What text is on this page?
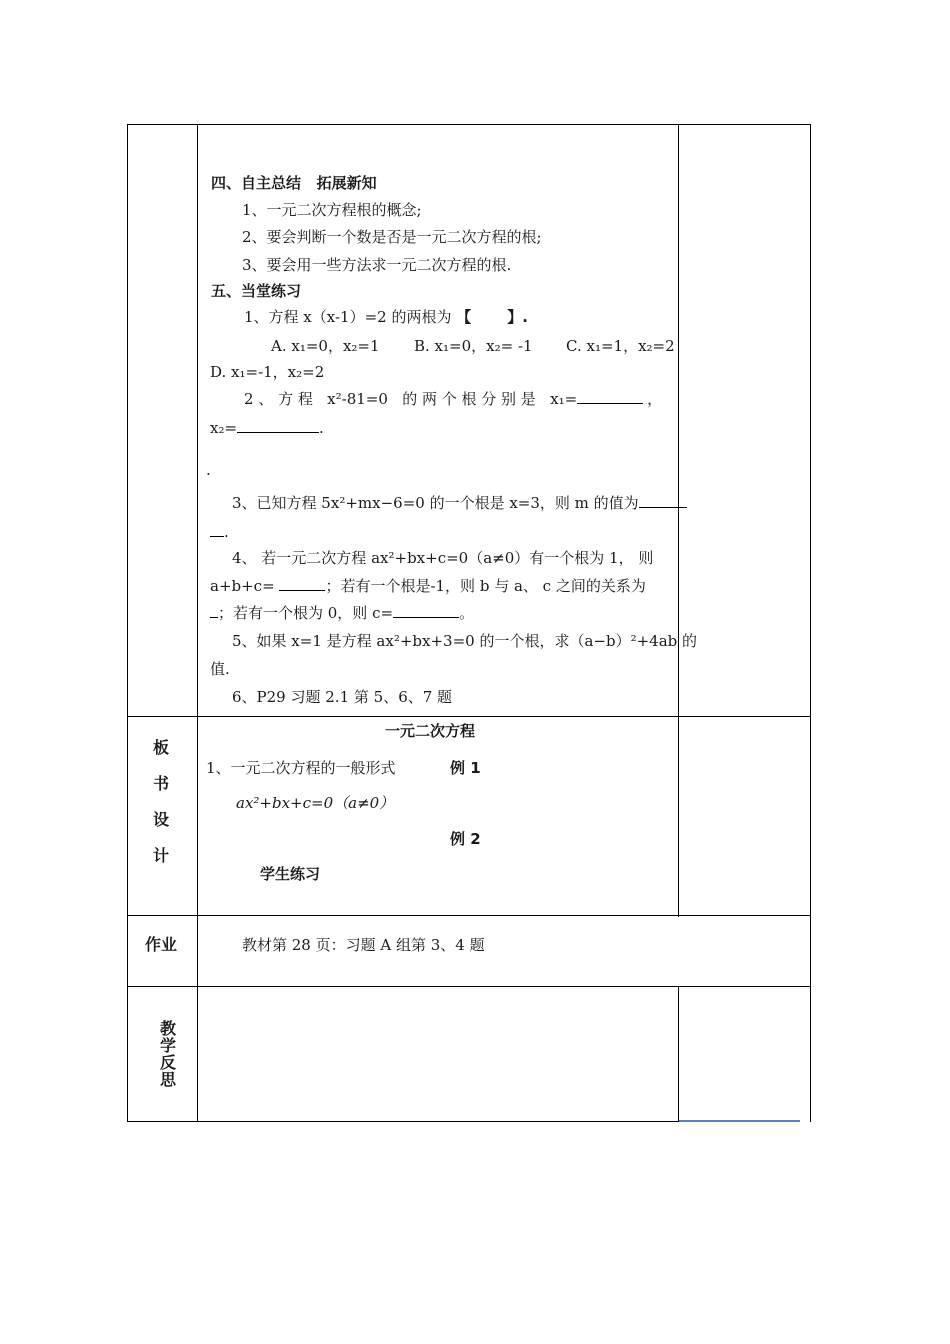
四、自主总结   拓展新知
1、一元二次方程根的概念;
2、要会判断一个数是否是一元二次方程的根;
3、要会用一些方法求一元二次方程的根.
五、当堂练习
1、方程 x（x-1）=2 的两根为 【 】.
A. x₁=0，x₂=1 B. x₁=0，x₂= -1 C. x₁=1，x₂=2
D. x₁=-1，x₂=2
2 、 方 程   x²-81=0   的 两 个 根 分 别 是   x₁=	，
x₂=	.
.
3、已知方程 5x²+mx−6=0 的一个根是 x=3，则 m 的值为
.
4、 若一元二次方程 ax²+bx+c=0（a≠0）有一个根为 1， 则
a+b+c=	；若有一个根是-1，则 b 与 a、 c 之间的关系为
；若有一个根为 0，则 c=	。
5、如果 x=1 是方程 ax²+bx+3=0 的一个根，求（a−b）²+4ab 的
值.
6、P29 习题 2.1 第 5、6、7 题
板
书
设
计
一元二次方程
1、一元二次方程的一般形式	例 1
ax²+bx+c=0（a≠0）
例 2
学生练习
作业	教材第 28 页：习题 A 组第 3、4 题
教
学
反
思
